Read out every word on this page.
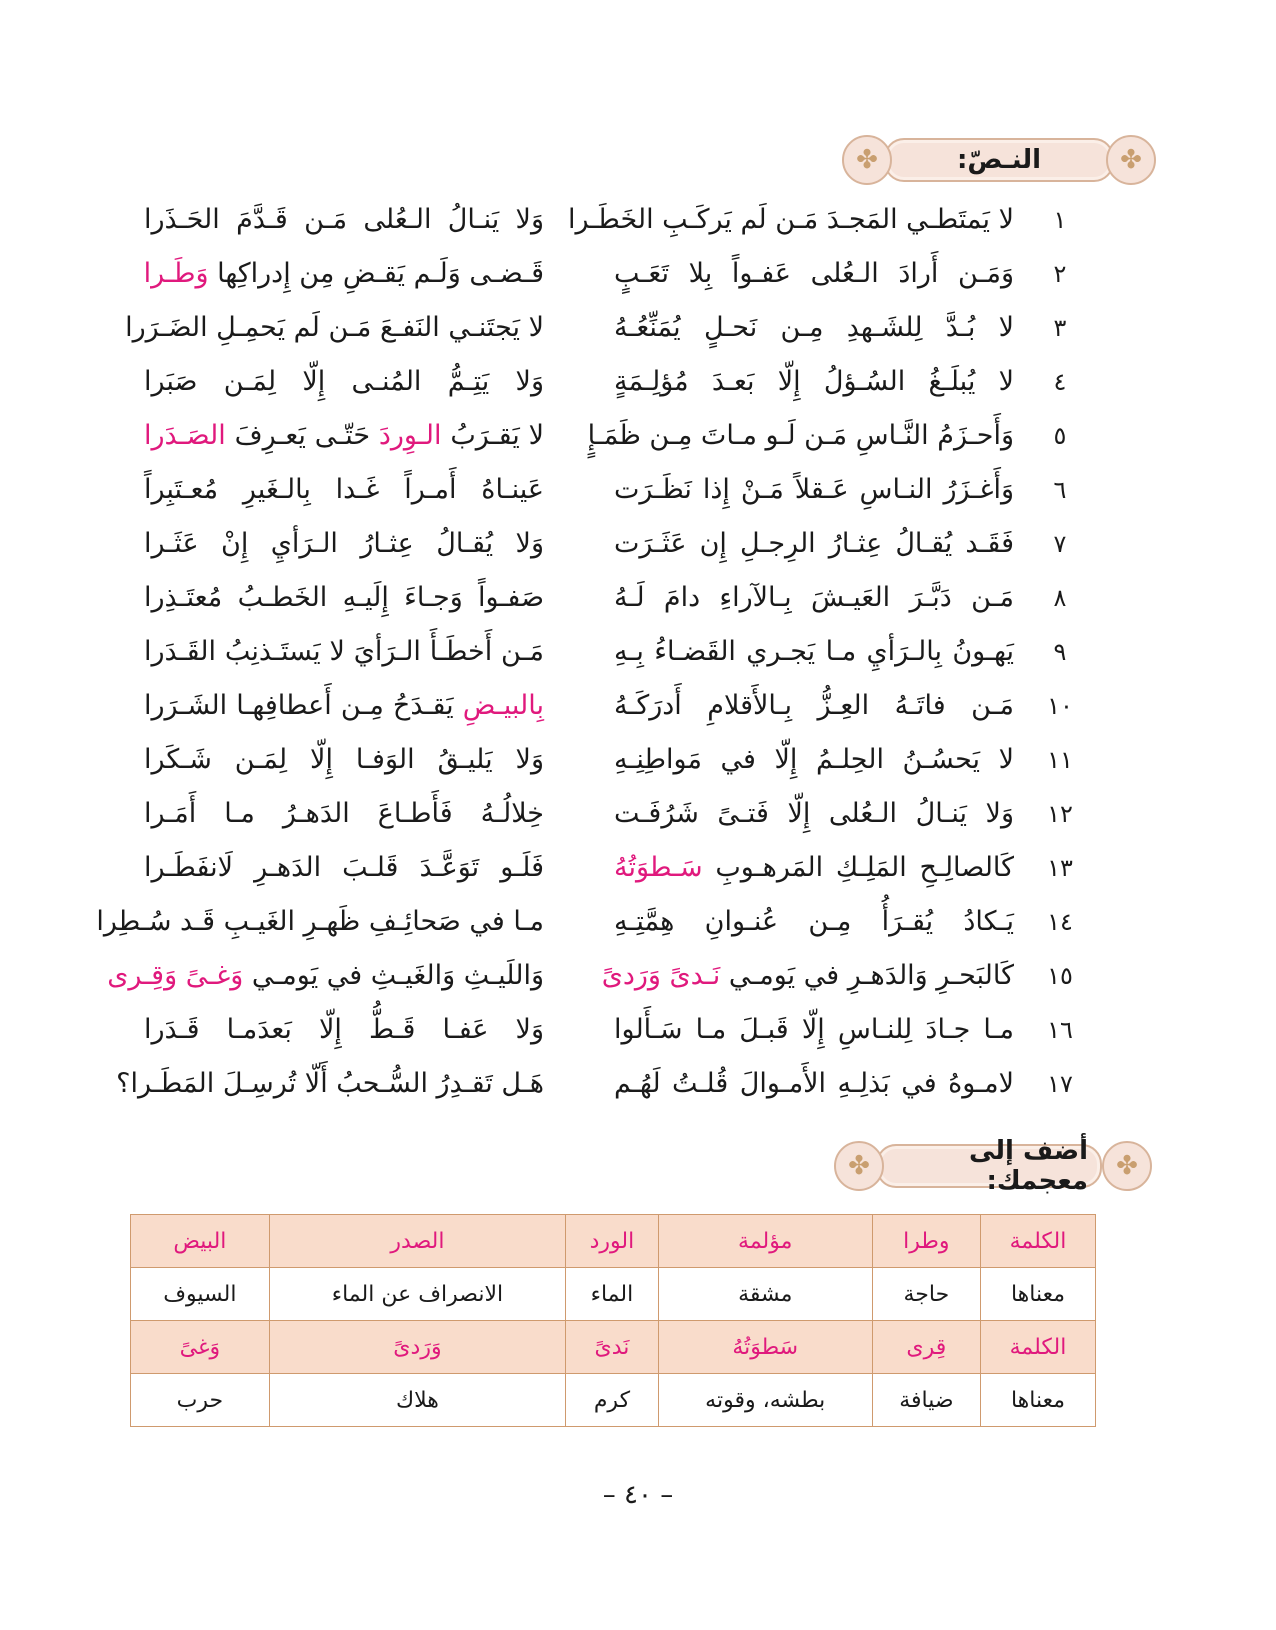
✤
النـصّ:
✤
١
لا يَمتَطـي المَجـدَ مَـن لَم يَركَـبِ الخَطَـرا
وَلا يَنـالُ الـعُلى مَـن قَـدَّمَ الحَـذَرا
٢
وَمَـن أَرادَ الـعُلى عَفـواً بِلا تَعَـبٍ
قَـضـى وَلَـم يَقـضِ مِن إِدراكِها وَطَـرا
٣
لا بُـدَّ لِلشَـهدِ مِـن نَحـلٍ يُمَنِّعُـهُ
لا يَجتَنـي النَفـعَ مَـن لَم يَحمِـلِ الضَـرَرا
٤
لا يُبلَـغُ السُـؤلُ إِلّا بَعـدَ مُؤلِـمَةٍ
وَلا يَتِـمُّ المُنـى إِلّا لِمَـن صَبَرا
٥
وَأَحـزَمُ النَّـاسِ مَـن لَـو مـاتَ مِـن ظَمَـإٍ
لا يَقـرَبُ الـوِردَ حَتّـى يَعـرِفَ الصَـدَرا
٦
وَأَغـزَرُ النـاسِ عَـقلاً مَـنْ إِذا نَظَـرَت
عَينـاهُ أَمـراً غَـدا بِالـغَيرِ مُعـتَبِراً
٧
فَقَـد يُقـالُ عِثـارُ الرِجـلِ إِن عَثَـرَت
وَلا يُقـالُ عِثـارُ الـرَأيِ إِنْ عَثَـرا
٨
مَـن دَبَّـرَ العَيـشَ بِـالآراءِ دامَ لَـهُ
صَفـواً وَجـاءَ إِلَيـهِ الخَطـبُ مُعتَـذِرا
٩
يَهـونُ بِالـرَأيِ مـا يَجـري القَضـاءُ بِـهِ
مَـن أَخطَـأَ الـرَأيَ لا يَستَـذنِبُ القَـدَرا
١٠
مَـن فاتَـهُ العِـزُّ بِـالأَقلامِ أَدرَكَـهُ
بِالبيـضِ يَقـدَحُ مِـن أَعطافِهـا الشَـرَرا
١١
لا يَحسُـنُ الحِلـمُ إِلّا في مَواطِنِـهِ
وَلا يَليـقُ الوَفـا إِلّا لِمَـن شَـكَرا
١٢
وَلا يَنـالُ الـعُلى إِلّا فَتـىً شَرُفَـت
خِلالُـهُ فَأَطـاعَ الدَهـرُ مـا أَمَـرا
١٣
كَالصالِـحِ المَلِـكِ المَرهـوبِ سَـطوَتُهُ
فَلَـو تَوَعَّـدَ قَلـبَ الدَهـرِ لَانفَطَـرا
١٤
يَـكادُ يُقـرَأُ مِـن عُنـوانِ هِمَّتِـهِ
مـا في صَحائِـفِ ظَهـرِ الغَيـبِ قَـد سُـطِرا
١٥
كَالبَحـرِ وَالدَهـرِ في يَومـي نَـدىً وَرَدىً
وَاللَيـثِ وَالغَيـثِ في يَومـي وَغـىً وَقِـرى
١٦
مـا جـادَ لِلنـاسِ إِلّا قَبـلَ مـا سَـأَلوا
وَلا عَفـا قَـطُّ إِلّا بَعدَمـا قَـدَرا
١٧
لامـوهُ في بَذلِـهِ الأَمـوالَ قُلـتُ لَهُـم
هَـل تَقـدِرُ السُّـحبُ أَلّا تُرسِـلَ المَطَـرا؟
✤
أضف إلى معجمك:
✤
الكلمة	وطرا	مؤلمة	الورد	الصدر	البيض
معناها	حاجة	مشقة	الماء	الانصراف عن الماء	السيوف
الكلمة	قِرى	سَطوَتُهُ	نَدىً	وَرَدىً	وَغىً
معناها	ضيافة	بطشه، وقوته	كرم	هلاك	حرب
– ٤٠ –
